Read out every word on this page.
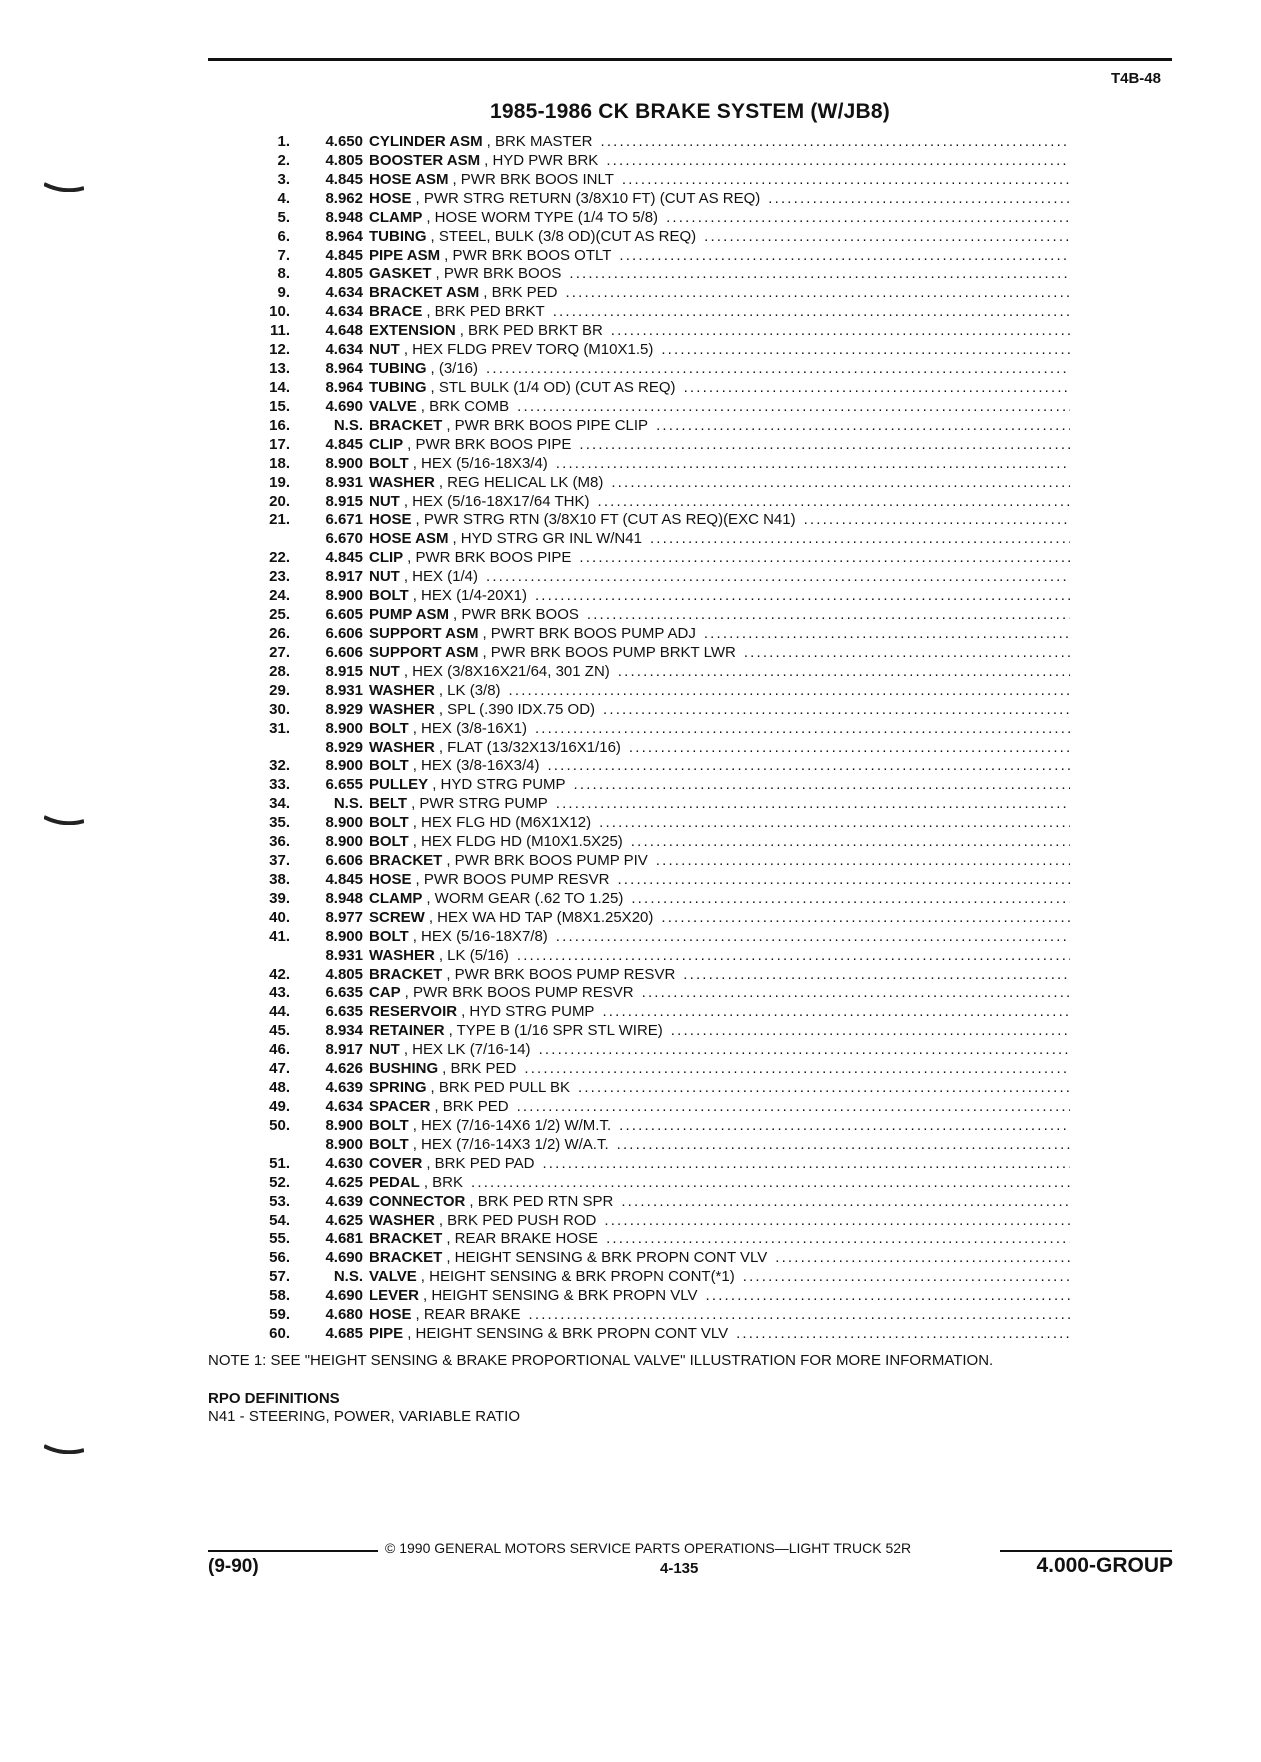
T4B-48
1985-1986 CK BRAKE SYSTEM (W/JB8)
1.	4.650 CYLINDER ASM , BRK MASTER
. . .
2.	4.805 BOOSTER ASM , HYD PWR BRK
. . .
3.	4.845 HOSE ASM , PWR BRK BOOS INLT
. . .
4.	8.962 HOSE , PWR STRG RETURN (3/8X10 FT) (CUT AS REQ)
. . .
5.	8.948 CLAMP , HOSE WORM TYPE (1/4 TO 5/8)
. . .
6.	8.964 TUBING , STEEL, BULK (3/8 OD)(CUT AS REQ)
. . .
7.	4.845 PIPE ASM , PWR BRK BOOS OTLT
. . .
8.	4.805 GASKET , PWR BRK BOOS
. . .
9.	4.634 BRACKET ASM , BRK PED
. . .
10.	4.634 BRACE , BRK PED BRKT
. . .
11.	4.648 EXTENSION , BRK PED BRKT BR
. . .
12.	4.634 NUT , HEX FLDG PREV TORQ (M10X1.5)
. . .
13.	8.964 TUBING , (3/16)
. . .
14.	8.964 TUBING , STL BULK (1/4 OD) (CUT AS REQ)
. . .
15.	4.690 VALVE , BRK COMB
. . .
16.	N.S. BRACKET , PWR BRK BOOS PIPE CLIP
. . .
17.	4.845 CLIP , PWR BRK BOOS PIPE
. . .
18.	8.900 BOLT , HEX (5/16-18X3/4)
. . .
19.	8.931 WASHER , REG HELICAL LK (M8)
. . .
20.	8.915 NUT , HEX (5/16-18X17/64 THK)
. . .
21.	6.671 HOSE , PWR STRG RTN (3/8X10 FT (CUT AS REQ)(EXC N41)
. . .
6.670 HOSE ASM , HYD STRG GR INL W/N41
. . .
22.	4.845 CLIP , PWR BRK BOOS PIPE
. . .
23.	8.917 NUT , HEX (1/4)
. . .
24.	8.900 BOLT , HEX (1/4-20X1)
. . .
25.	6.605 PUMP ASM , PWR BRK BOOS
. . .
26.	6.606 SUPPORT ASM , PWRT BRK BOOS PUMP ADJ
. . .
27.	6.606 SUPPORT ASM , PWR BRK BOOS PUMP BRKT LWR
. . .
28.	8.915 NUT , HEX (3/8X16X21/64, 301 ZN)
. . .
29.	8.931 WASHER , LK (3/8)
. . .
30.	8.929 WASHER , SPL (.390 IDX.75 OD)
. . .
31.	8.900 BOLT , HEX (3/8-16X1)
. . .
8.929 WASHER , FLAT (13/32X13/16X1/16)
. . .
32.	8.900 BOLT , HEX (3/8-16X3/4)
. . .
33.	6.655 PULLEY , HYD STRG PUMP
. . .
34.	N.S. BELT , PWR STRG PUMP
. . .
35.	8.900 BOLT , HEX FLG HD (M6X1X12)
. . .
36.	8.900 BOLT , HEX FLDG HD (M10X1.5X25)
. . .
37.	6.606 BRACKET , PWR BRK BOOS PUMP PIV
. . .
38.	4.845 HOSE , PWR BOOS PUMP RESVR
. . .
39.	8.948 CLAMP , WORM GEAR (.62 TO 1.25)
. . .
40.	8.977 SCREW , HEX WA HD TAP (M8X1.25X20)
. . .
41.	8.900 BOLT , HEX (5/16-18X7/8)
. . .
8.931 WASHER , LK (5/16)
. . .
42.	4.805 BRACKET , PWR BRK BOOS PUMP RESVR
. . .
43.	6.635 CAP , PWR BRK BOOS PUMP RESVR
. . .
44.	6.635 RESERVOIR , HYD STRG PUMP
. . .
45.	8.934 RETAINER , TYPE B (1/16 SPR STL WIRE)
. . .
46.	8.917 NUT , HEX LK (7/16-14)
. . .
47.	4.626 BUSHING , BRK PED
. . .
48.	4.639 SPRING , BRK PED PULL BK
. . .
49.	4.634 SPACER , BRK PED
. . .
50.	8.900 BOLT , HEX (7/16-14X6 1/2) W/M.T.
. . .
8.900 BOLT , HEX (7/16-14X3 1/2) W/A.T.
. . .
51.	4.630 COVER , BRK PED PAD
. . .
52.	4.625 PEDAL , BRK
. . .
53.	4.639 CONNECTOR , BRK PED RTN SPR
. . .
54.	4.625 WASHER , BRK PED PUSH ROD
. . .
55.	4.681 BRACKET , REAR BRAKE HOSE
. . .
56.	4.690 BRACKET , HEIGHT SENSING & BRK PROPN CONT VLV
. . .
57.	N.S. VALVE , HEIGHT SENSING & BRK PROPN CONT(*1)
. . .
58.	4.690 LEVER , HEIGHT SENSING & BRK PROPN VLV
. . .
59.	4.680 HOSE , REAR BRAKE
. . .
60.	4.685 PIPE , HEIGHT SENSING & BRK PROPN CONT VLV
. . .
NOTE 1: SEE "HEIGHT SENSING & BRAKE PROPORTIONAL VALVE" ILLUSTRATION FOR MORE INFORMATION.
RPO DEFINITIONS
N41 - STEERING, POWER, VARIABLE RATIO
© 1990 GENERAL MOTORS SERVICE PARTS OPERATIONS—LIGHT TRUCK 52R
(9-90)	4-135	4.000-GROUP
